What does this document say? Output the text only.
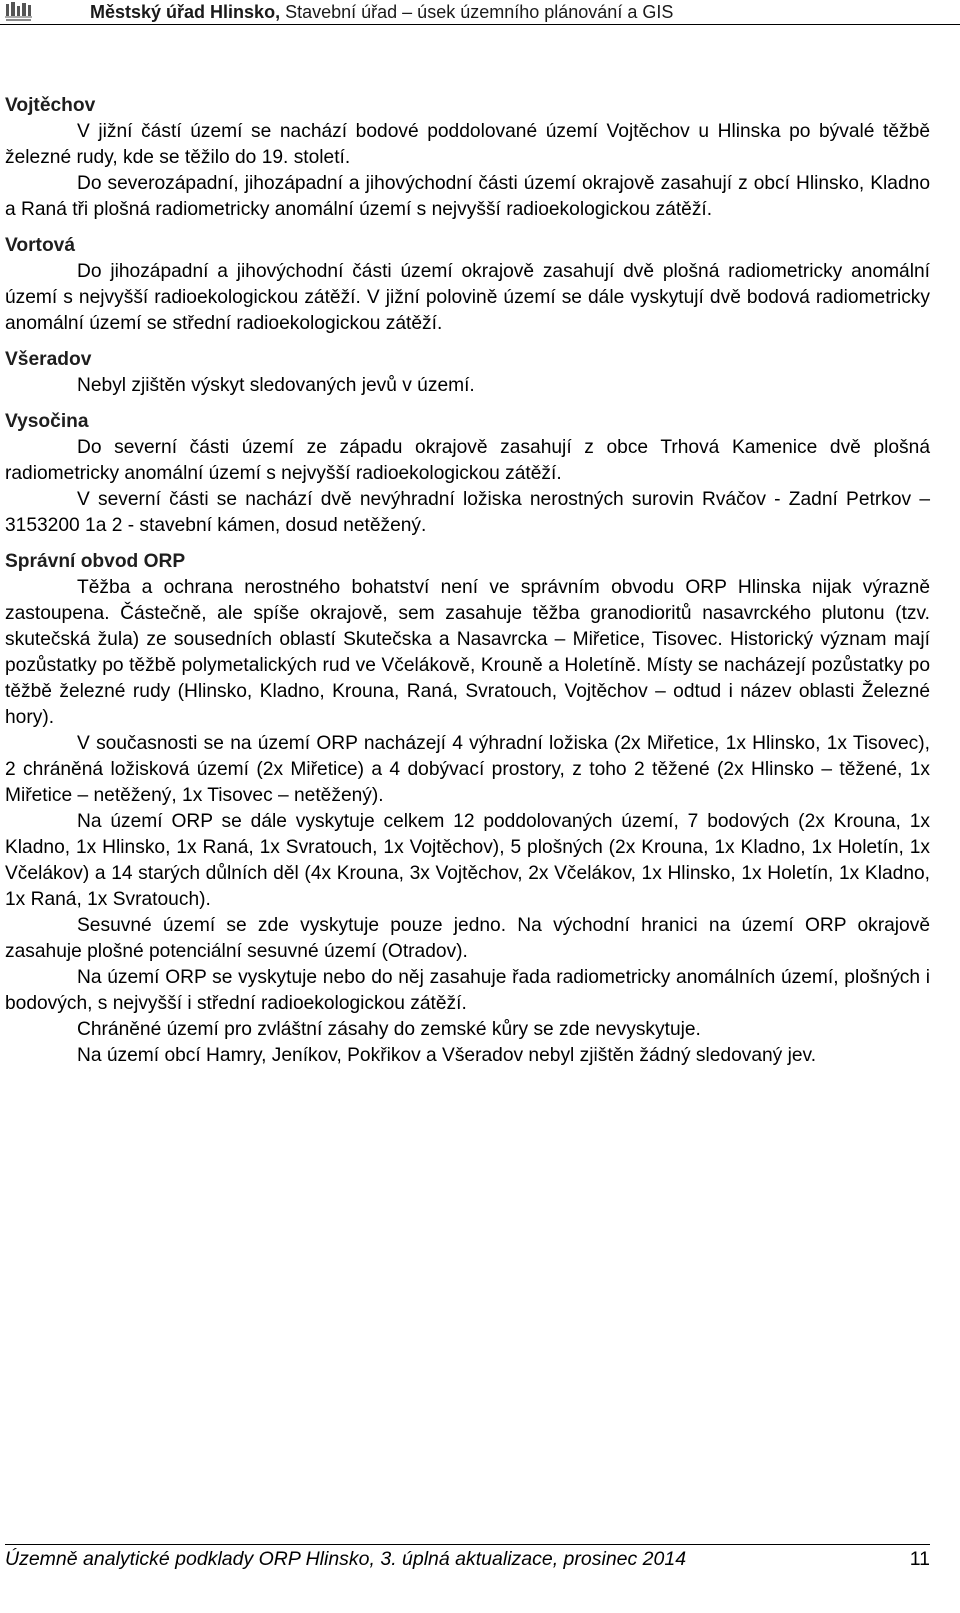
Městský úřad Hlinsko, Stavební úřad – úsek územního plánování a GIS
Vojtěchov

V jižní částí území se nachází bodové poddolované území Vojtěchov u Hlinska po bývalé těžbě železné rudy, kde se těžilo do 19. století.

Do severozápadní, jihozápadní a jihovýchodní části území okrajově zasahují z obcí Hlinsko, Kladno a Raná tři plošná radiometricky anomální území s nejvyšší radioekologickou zátěží.

Vortová

Do jihozápadní a jihovýchodní části území okrajově zasahují dvě plošná radiometricky anomální území s nejvyšší radioekologickou zátěží. V jižní polovině území se dále vyskytují dvě bodová radiometricky anomální území se střední radioekologickou zátěží.

Všeradov

Nebyl zjištěn výskyt sledovaných jevů v území.

Vysočina

Do severní části území ze západu okrajově zasahují z obce Trhová Kamenice dvě plošná radiometricky anomální území s nejvyšší radioekologickou zátěží.

V severní části se nachází dvě nevýhradní ložiska nerostných surovin Rváčov - Zadní Petrkov – 3153200 1a 2 - stavební kámen, dosud netěžený.

Správní obvod ORP

Těžba a ochrana nerostného bohatství není ve správním obvodu ORP Hlinska nijak výrazně zastoupena. Částečně, ale spíše okrajově, sem zasahuje těžba granodioritů nasavrckého plutonu (tzv. skutečská žula) ze sousedních oblastí Skutečska a Nasavrcka – Miřetice, Tisovec. Historický význam mají pozůstatky po těžbě polymetalických rud ve Včelákově, Krouně a Holetíně. Místy se nacházejí pozůstatky po těžbě železné rudy (Hlinsko, Kladno, Krouna, Raná, Svratouch, Vojtěchov – odtud i název oblasti Železné hory).

V současnosti se na území ORP nacházejí 4 výhradní ložiska (2x Miřetice, 1x Hlinsko, 1x Tisovec), 2 chráněná ložisková území (2x Miřetice) a 4 dobývací prostory, z toho 2 těžené (2x Hlinsko – těžené, 1x Miřetice – netěžený, 1x Tisovec – netěžený).

Na území ORP se dále vyskytuje celkem 12 poddolovaných území, 7 bodových (2x Krouna, 1x Kladno, 1x Hlinsko, 1x Raná, 1x Svratouch, 1x Vojtěchov), 5 plošných (2x Krouna, 1x Kladno, 1x Holetín, 1x Včelákov) a 14 starých důlních děl (4x Krouna, 3x Vojtěchov, 2x Včelákov, 1x Hlinsko, 1x Holetín, 1x Kladno, 1x Raná, 1x Svratouch).

Sesuvné území se zde vyskytuje pouze jedno. Na východní hranici na území ORP okrajově zasahuje plošné potenciální sesuvné území (Otradov).

Na území ORP se vyskytuje nebo do něj zasahuje řada radiometricky anomálních území, plošných i bodových, s nejvyšší i střední radioekologickou zátěží.

Chráněné území pro zvláštní zásahy do zemské kůry se zde nevyskytuje.

Na území obcí Hamry, Jeníkov, Pokřikov a Všeradov nebyl zjištěn žádný sledovaný jev.

Územně analytické podklady ORP Hlinsko, 3. úplná aktualizace, prosinec 2014	11
